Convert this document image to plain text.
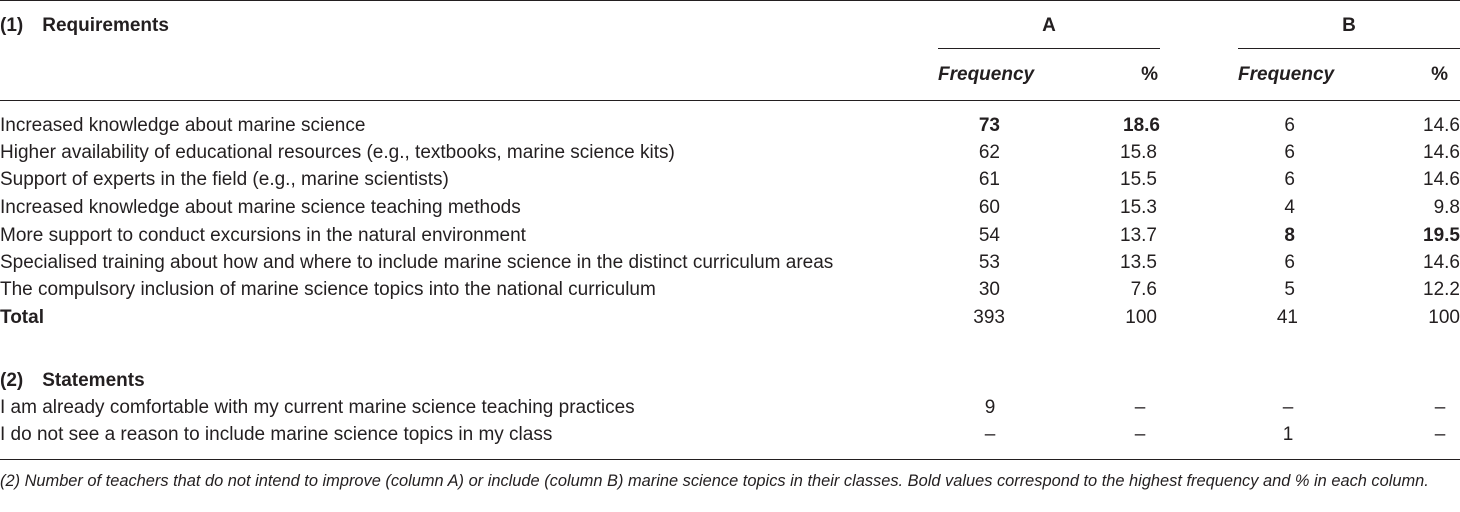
(1) Requirements	A	B
Frequency	%	Frequency	%
Increased knowledge about marine science	73	18.6	6	14.6
Higher availability of educational resources (e.g., textbooks, marine science kits)	62	15.8	6	14.6
Support of experts in the field (e.g., marine scientists)	61	15.5	6	14.6
Increased knowledge about marine science teaching methods	60	15.3	4	9.8
More support to conduct excursions in the natural environment	54	13.7	8	19.5
Specialised training about how and where to include marine science in the distinct curriculum areas	53	13.5	6	14.6
The compulsory inclusion of marine science topics into the national curriculum	30	7.6	5	12.2
Total	393	100	41	100
(2) Statements
I am already comfortable with my current marine science teaching practices	9	–	–	–
I do not see a reason to include marine science topics in my class	–	–	1	–
(2) Number of teachers that do not intend to improve (column A) or include (column B) marine science topics in their classes. Bold values correspond to the highest frequency and % in each column.
